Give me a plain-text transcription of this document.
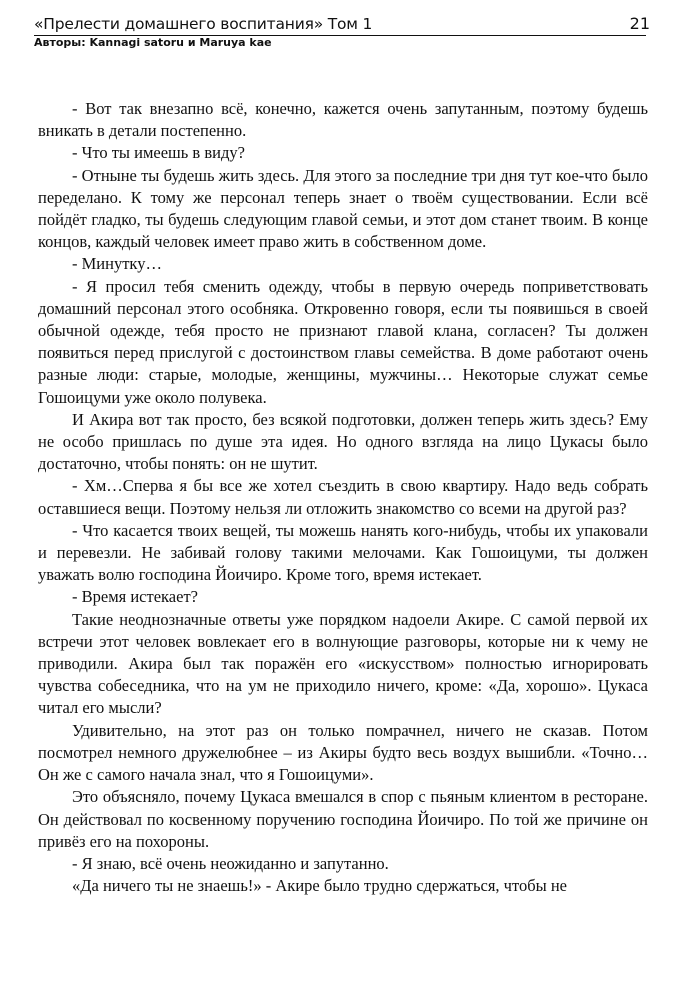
«Прелести домашнего воспитания» Том 1	21
Авторы: Kannagi satoru и Maruya kae

- Вот так внезапно всё, конечно, кажется очень запутанным, поэтому будешь вникать в детали постепенно.

- Что ты имеешь в виду?

- Отныне ты будешь жить здесь. Для этого за последние три дня тут кое-что было переделано. К тому же персонал теперь знает о твоём существовании. Если всё пойдёт гладко, ты будешь следующим главой семьи, и этот дом станет твоим. В конце концов, каждый человек имеет право жить в собственном доме.

- Минутку…

- Я просил тебя сменить одежду, чтобы в первую очередь поприветствовать домашний персонал этого особняка. Откровенно говоря, если ты появишься в своей обычной одежде, тебя просто не признают главой клана, согласен? Ты должен появиться перед прислугой с достоинством главы семейства. В доме работают очень разные люди: старые, молодые, женщины, мужчины… Некоторые служат семье Гошоицуми уже около полувека.

И Акира вот так просто, без всякой подготовки, должен теперь жить здесь? Ему не особо пришлась по душе эта идея. Но одного взгляда на лицо Цукасы было достаточно, чтобы понять: он не шутит.

- Хм…Сперва я бы все же хотел съездить в свою квартиру. Надо ведь собрать оставшиеся вещи. Поэтому нельзя ли отложить знакомство со всеми на другой раз?

- Что касается твоих вещей, ты можешь нанять кого-нибудь, чтобы их упаковали и перевезли. Не забивай голову такими мелочами. Как Гошоицуми, ты должен уважать волю господина Йоичиро. Кроме того, время истекает.

- Время истекает?

Такие неоднозначные ответы уже порядком надоели Акире. С самой первой их встречи этот человек вовлекает его в волнующие разговоры, которые ни к чему не приводили. Акира был так поражён его «искусством» полностью игнорировать чувства собеседника, что на ум не приходило ничего, кроме: «Да, хорошо». Цукаса читал его мысли?

Удивительно, на этот раз он только помрачнел, ничего не сказав. Потом посмотрел немного дружелюбнее – из Акиры будто весь воздух вышибли. «Точно… Он же с самого начала знал, что я Гошоицуми».

Это объясняло, почему Цукаса вмешался в спор с пьяным клиентом в ресторане. Он действовал по косвенному поручению господина Йоичиро. По той же причине он привёз его на похороны.

- Я знаю, всё очень неожиданно и запутанно.

«Да ничего ты не знаешь!» - Акире было трудно сдержаться, чтобы не
